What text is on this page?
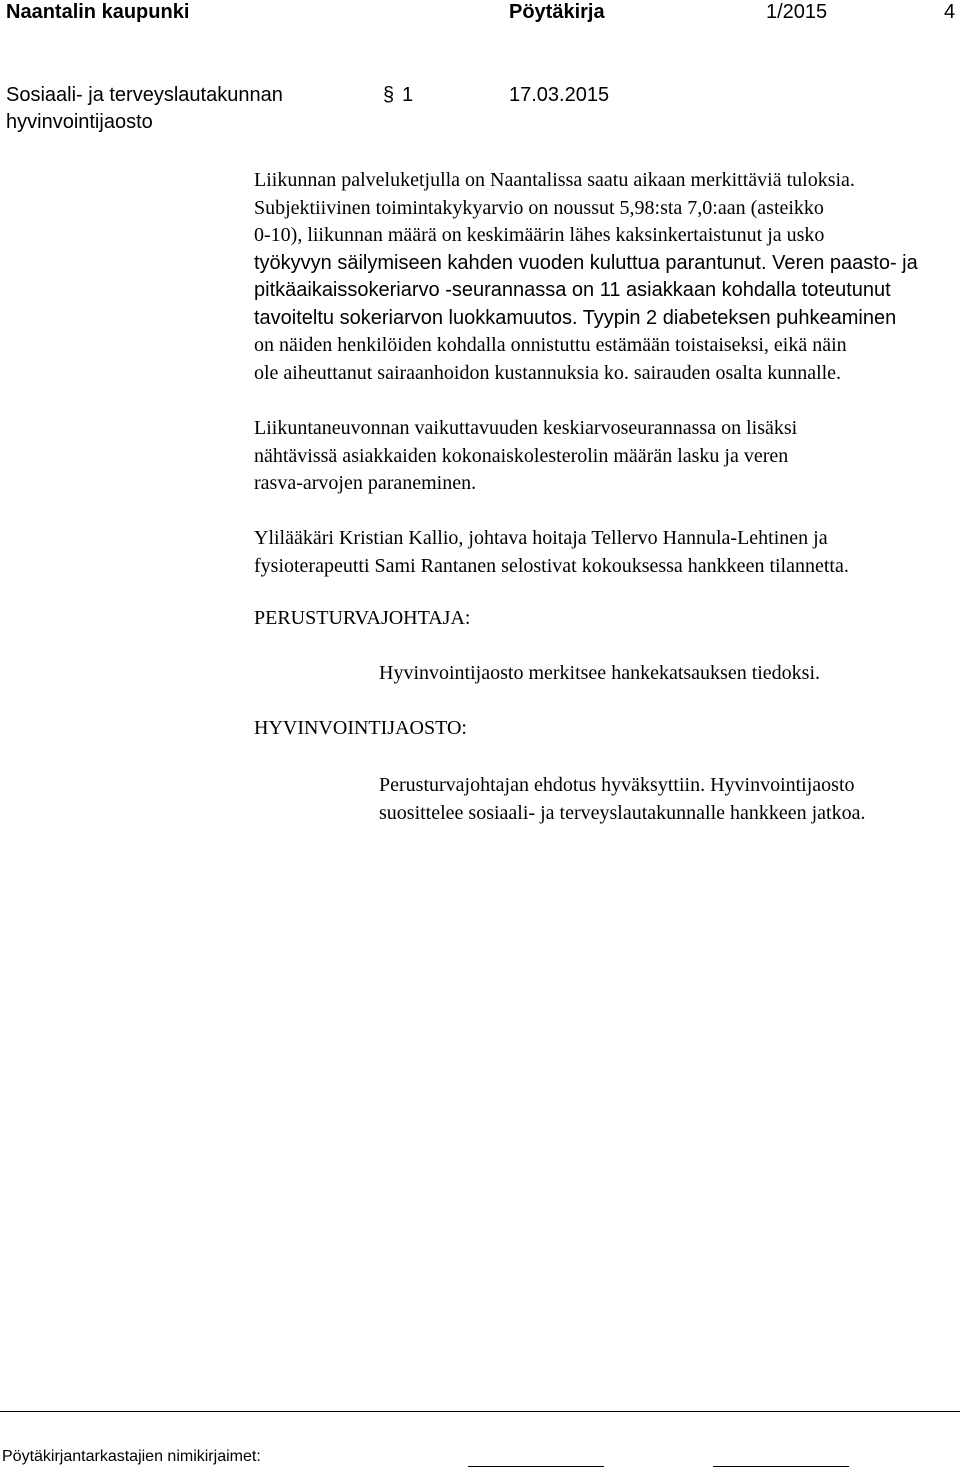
Naantalin kaupunki	Pöytäkirja	1/2015	4
Sosiaali- ja terveyslautakunnan
hyvinvointijaosto
§ 1	17.03.2015
Liikunnan palveluketjulla on Naantalissa saatu aikaan merkittäviä tuloksia.
Subjektiivinen toimintakykyarvio on noussut 5,98:sta 7,0:aan (asteikko
0-10), liikunnan määrä on keskimäärin lähes kaksinkertaistunut ja usko
työkyvyn säilymiseen kahden vuoden kuluttua parantunut. Veren paasto- ja
pitkäaikaissokeriarvo -seurannassa on 11 asiakkaan kohdalla toteutunut
tavoiteltu sokeriarvon luokkamuutos. Tyypin 2 diabeteksen puhkeaminen
on näiden henkilöiden kohdalla onnistuttu estämään toistaiseksi, eikä näin
ole aiheuttanut sairaanhoidon kustannuksia ko. sairauden osalta kunnalle.
Liikuntaneuvonnan vaikuttavuuden keskiarvoseurannassa on lisäksi
nähtävissä asiakkaiden kokonaiskolesterolin määrän lasku ja veren
rasva-arvojen paraneminen.
Ylilääkäri Kristian Kallio, johtava hoitaja Tellervo Hannula-Lehtinen ja
fysioterapeutti Sami Rantanen selostivat kokouksessa hankkeen tilannetta.
PERUSTURVAJOHTAJA:
Hyvinvointijaosto merkitsee hankekatsauksen tiedoksi.
HYVINVOINTIJAOSTO:
Perusturvajohtajan ehdotus hyväksyttiin. Hyvinvointijaosto
suosittelee sosiaali- ja terveyslautakunnalle hankkeen jatkoa.
Pöytäkirjantarkastajien nimikirjaimet:
